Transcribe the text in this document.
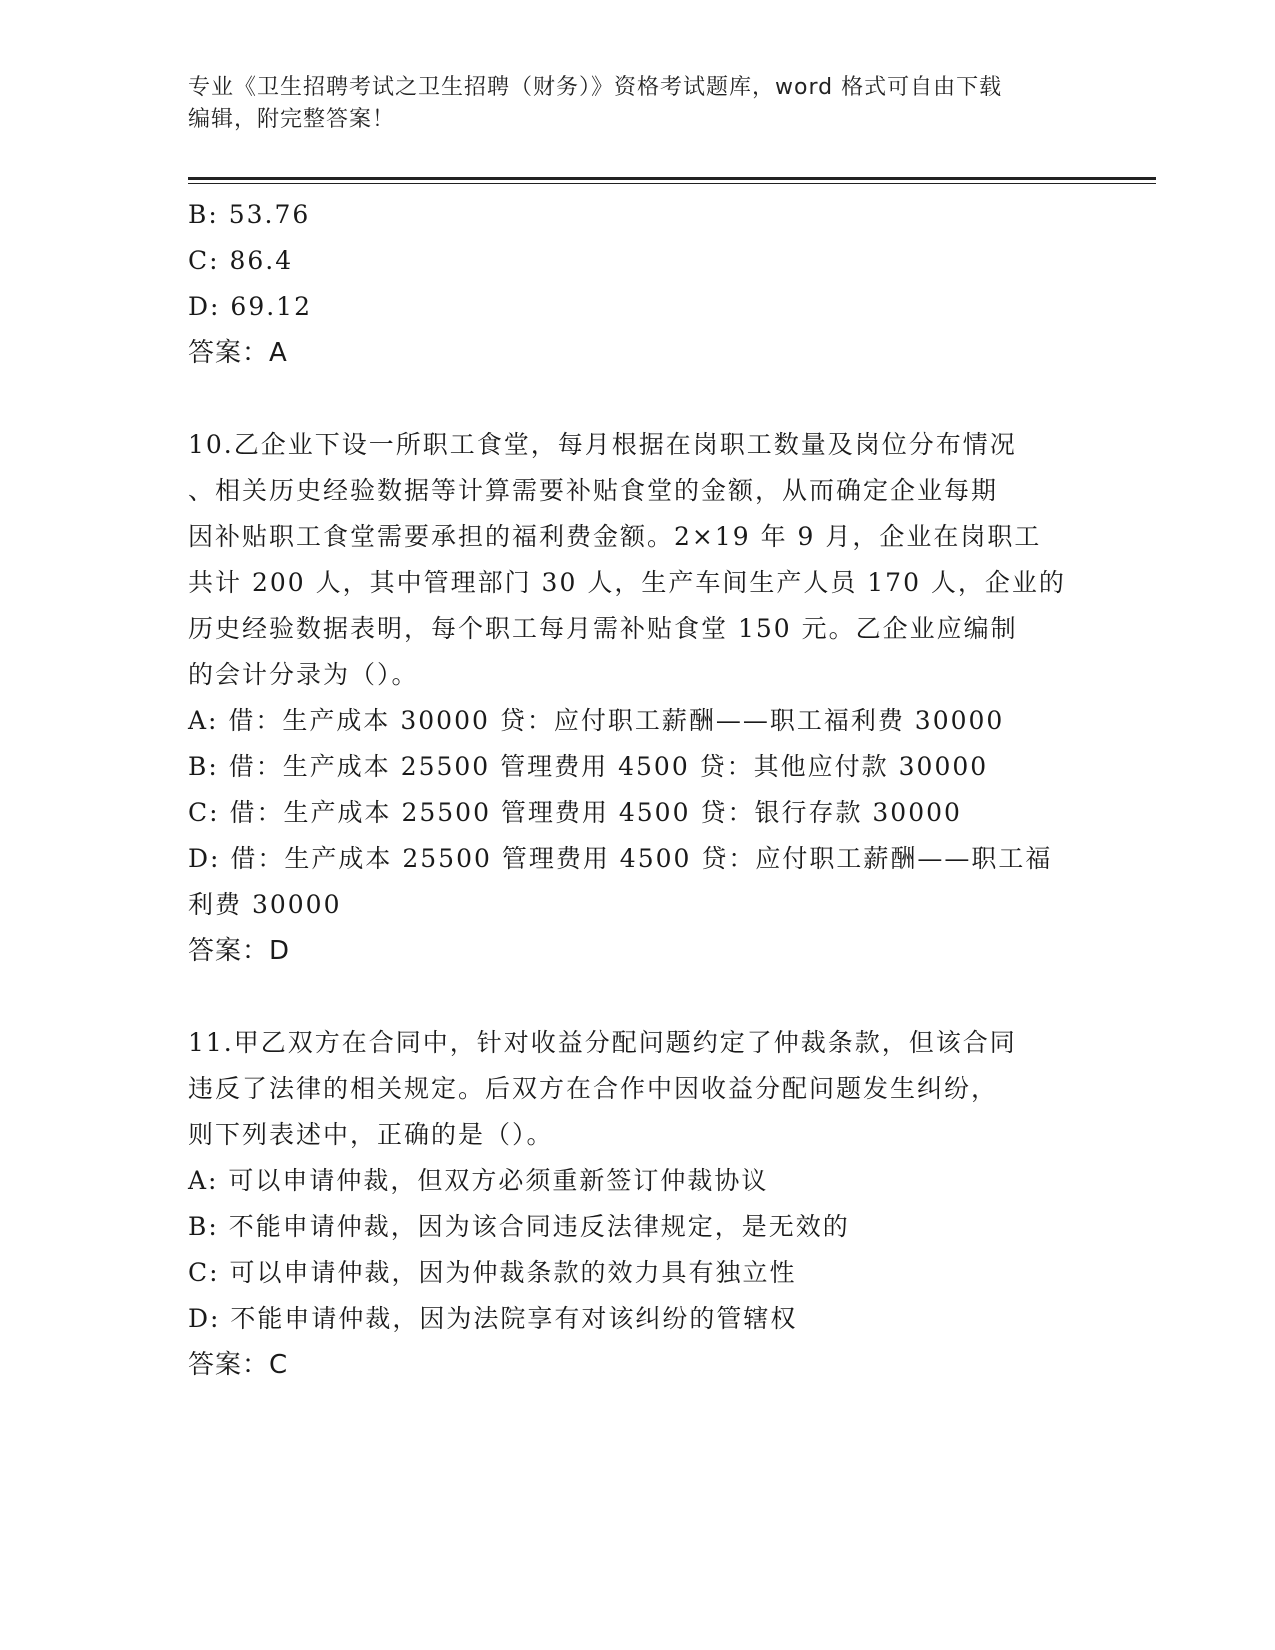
专业《卫生招聘考试之卫生招聘（财务）》资格考试题库，word 格式可自由下载
编辑，附完整答案！
B: 53.76
C: 86.4
D: 69.12
答案：A
10.乙企业下设一所职工食堂，每月根据在岗职工数量及岗位分布情况
、相关历史经验数据等计算需要补贴食堂的金额，从而确定企业每期
因补贴职工食堂需要承担的福利费金额。2×19 年 9 月，企业在岗职工
共计 200 人，其中管理部门 30 人，生产车间生产人员 170 人，企业的
历史经验数据表明，每个职工每月需补贴食堂 150 元。乙企业应编制
的会计分录为（）。
A: 借：生产成本 30000 贷：应付职工薪酬——职工福利费 30000
B: 借：生产成本 25500 管理费用 4500 贷：其他应付款 30000
C: 借：生产成本 25500 管理费用 4500 贷：银行存款 30000
D: 借：生产成本 25500 管理费用 4500 贷：应付职工薪酬——职工福
利费 30000
答案：D
11.甲乙双方在合同中，针对收益分配问题约定了仲裁条款，但该合同
违反了法律的相关规定。后双方在合作中因收益分配问题发生纠纷，
则下列表述中，正确的是（）。
A: 可以申请仲裁，但双方必须重新签订仲裁协议
B: 不能申请仲裁，因为该合同违反法律规定，是无效的
C: 可以申请仲裁，因为仲裁条款的效力具有独立性
D: 不能申请仲裁，因为法院享有对该纠纷的管辖权
答案：C
